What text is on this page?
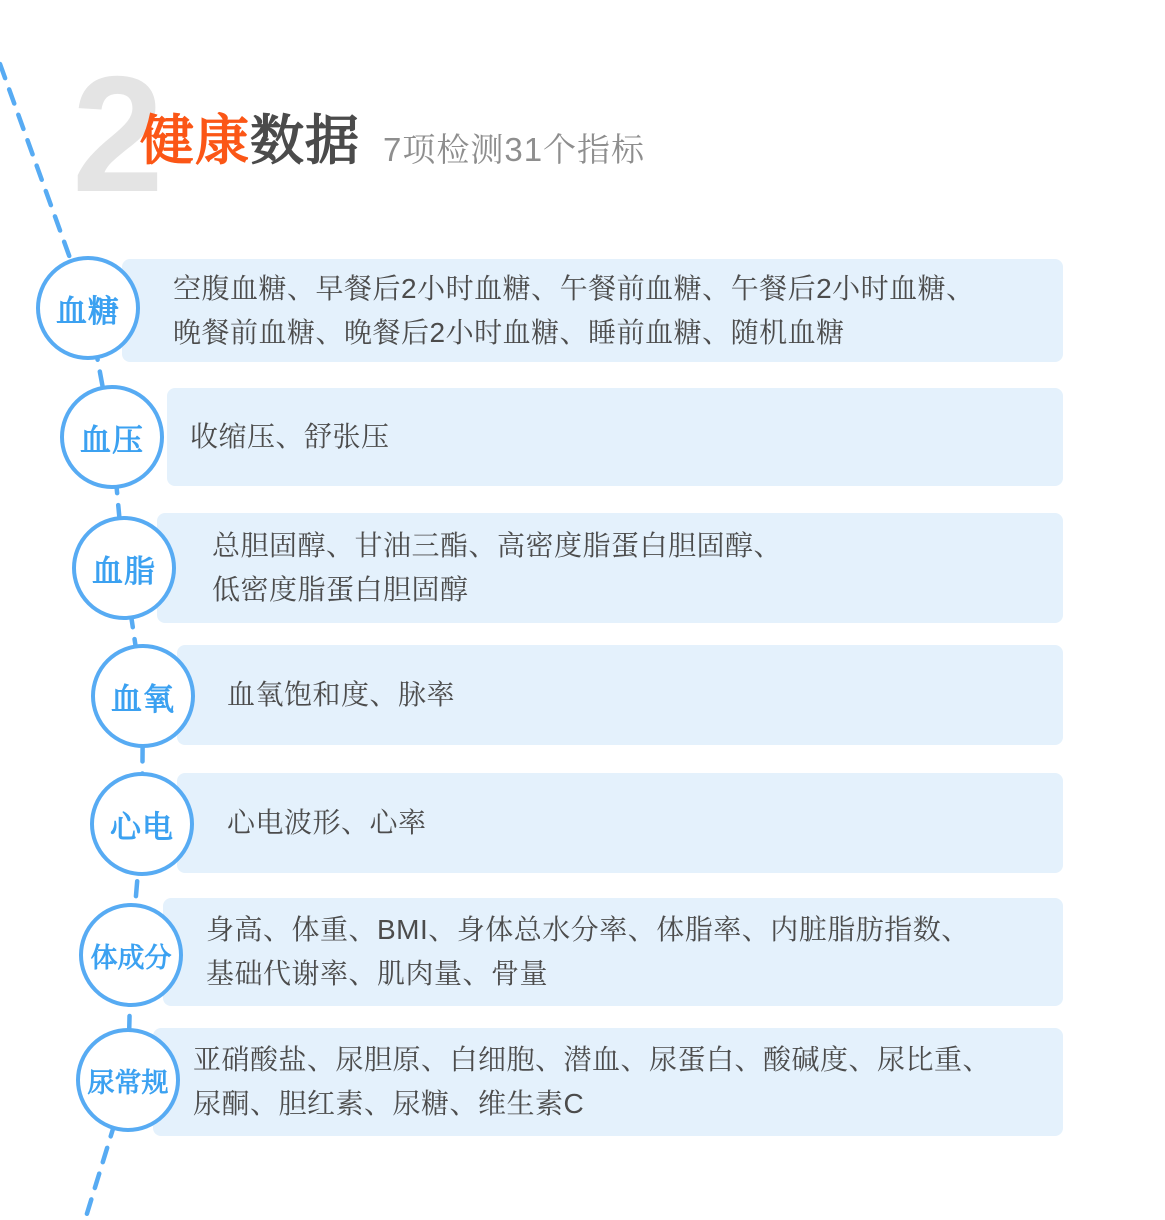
2
健康数据 7项检测31个指标
空腹血糖、早餐后2小时血糖、午餐前血糖、午餐后2小时血糖、
晚餐前血糖、晚餐后2小时血糖、睡前血糖、随机血糖
血糖
收缩压、舒张压
血压
总胆固醇、甘油三酯、高密度脂蛋白胆固醇、
低密度脂蛋白胆固醇
血脂
血氧饱和度、脉率
血氧
心电波形、心率
心电
身高、体重、BMI、身体总水分率、体脂率、内脏脂肪指数、
基础代谢率、肌肉量、骨量
体成分
亚硝酸盐、尿胆原、白细胞、潜血、尿蛋白、酸碱度、尿比重、
尿酮、胆红素、尿糖、维生素C
尿常规
